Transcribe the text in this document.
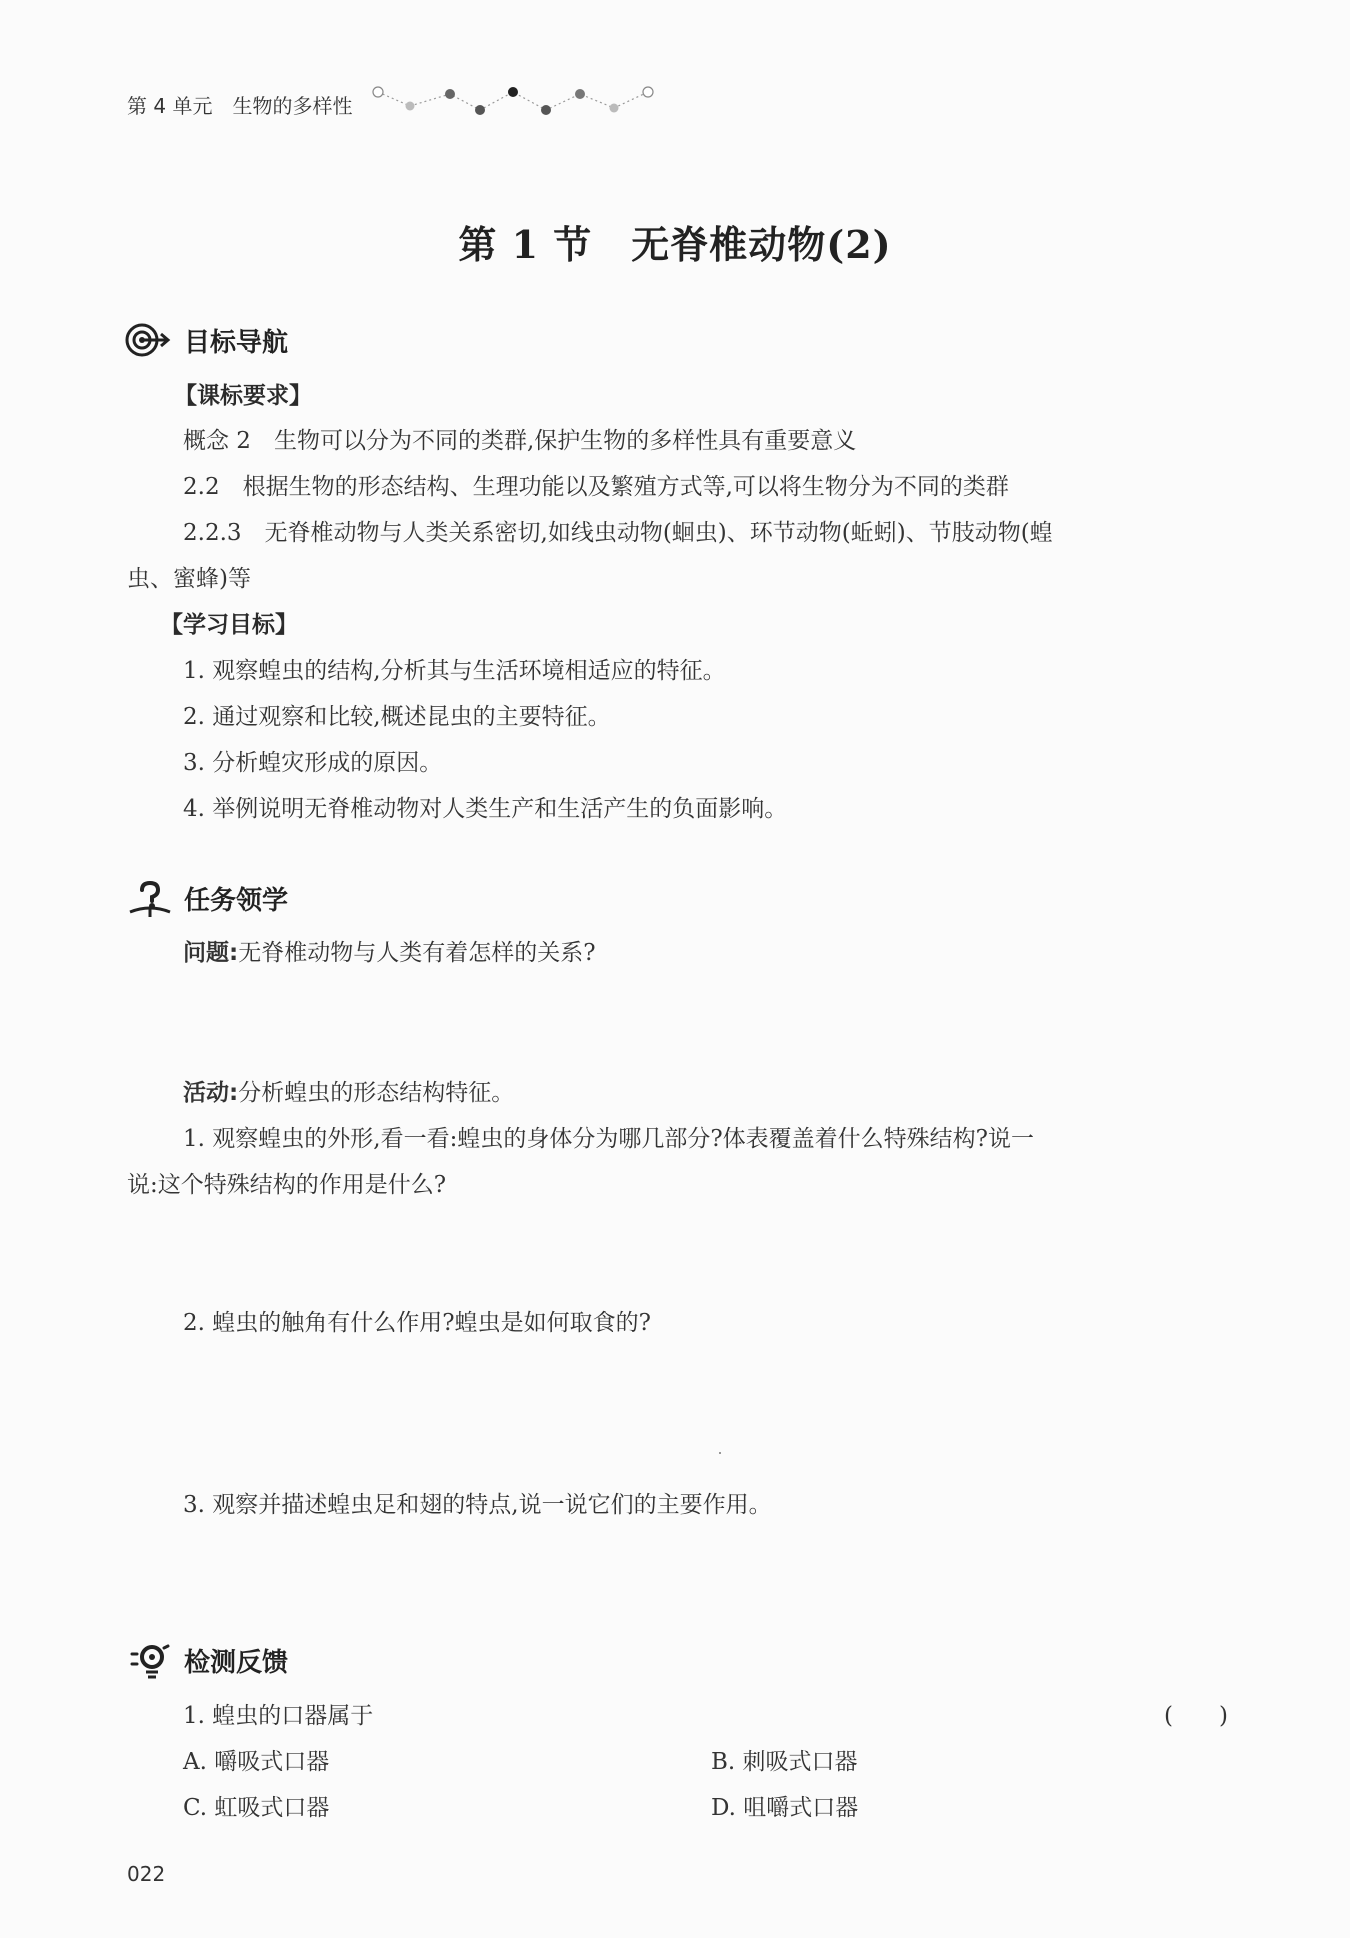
第 4 单元　生物的多样性
第 1 节　无脊椎动物(2)
目标导航
【课标要求】
概念 2　生物可以分为不同的类群,保护生物的多样性具有重要意义
2.2　根据生物的形态结构、生理功能以及繁殖方式等,可以将生物分为不同的类群
2.2.3　无脊椎动物与人类关系密切,如线虫动物(蛔虫)、环节动物(蚯蚓)、节肢动物(蝗
虫、蜜蜂)等
【学习目标】
1. 观察蝗虫的结构,分析其与生活环境相适应的特征。
2. 通过观察和比较,概述昆虫的主要特征。
3. 分析蝗灾形成的原因。
4. 举例说明无脊椎动物对人类生产和生活产生的负面影响。
任务领学
问题:无脊椎动物与人类有着怎样的关系?
活动:分析蝗虫的形态结构特征。
1. 观察蝗虫的外形,看一看:蝗虫的身体分为哪几部分?体表覆盖着什么特殊结构?说一
说:这个特殊结构的作用是什么?
2. 蝗虫的触角有什么作用?蝗虫是如何取食的?
3. 观察并描述蝗虫足和翅的特点,说一说它们的主要作用。
检测反馈
1. 蝗虫的口器属于	(　　)
A. 嚼吸式口器	B. 刺吸式口器
C. 虹吸式口器	D. 咀嚼式口器
022
